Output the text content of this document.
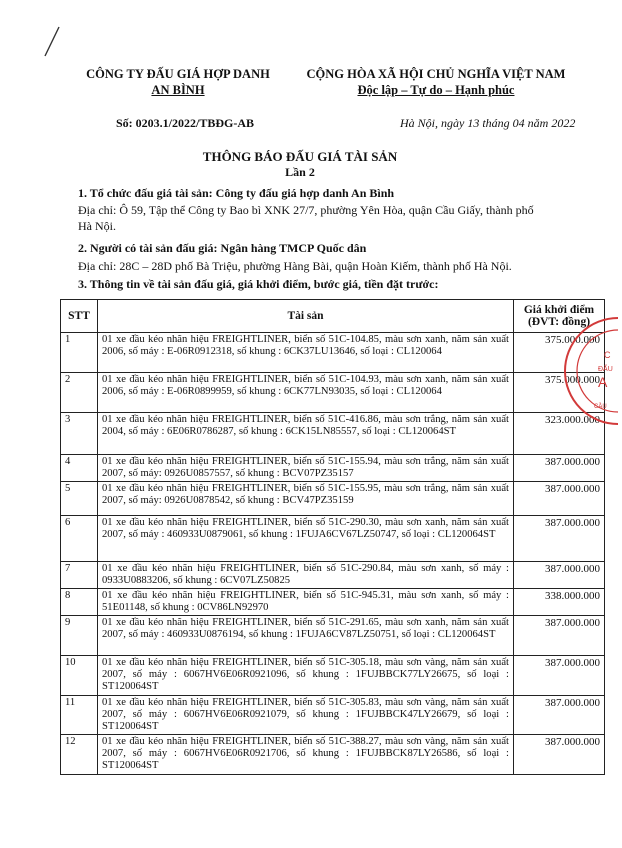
CÔNG TY ĐẤU GIÁ HỢP DANH
AN BÌNH
CỘNG HÒA XÃ HỘI CHỦ NGHĨA VIỆT NAM
Độc lập – Tự do – Hạnh phúc
Số: 0203.1/2022/TBĐG-AB	Hà Nội, ngày 13 tháng 04 năm 2022
THÔNG BÁO ĐẤU GIÁ TÀI SẢN
Lần 2
1. Tổ chức đấu giá tài sản: Công ty đấu giá hợp danh An Bình
Địa chỉ: Ô 59, Tập thể Công ty Bao bì XNK 27/7, phường Yên Hòa, quận Cầu Giấy, thành phố
Hà Nội.
2. Người có tài sản đấu giá: Ngân hàng TMCP Quốc dân
Địa chỉ: 28C – 28D phố Bà Triệu, phường Hàng Bài, quận Hoàn Kiếm, thành phố Hà Nội.
3. Thông tin về tài sản đấu giá, giá khởi điểm, bước giá, tiền đặt trước:
STT	Tài sản	Giá khởi điểm
(ĐVT: đồng)

1	01 xe đầu kéo nhãn hiệu FREIGHTLINER, biển số 51C-104.85, màu sơn xanh, năm sản xuất 2006, số máy : E-06R0912318, số khung : 6CK37LU13646, số loại : CL120064	375.000.000
2	01 xe đầu kéo nhãn hiệu FREIGHTLINER, biển số 51C-104.93, màu sơn xanh, năm sản xuất 2006, số máy : E-06R0899959, số khung : 6CK77LN93035, số loại : CL120064	375.000.000
3	01 xe đầu kéo nhãn hiệu FREIGHTLINER, biển số 51C-416.86, màu sơn trắng, năm sản xuất 2004, số máy : 6E06R0786287, số khung : 6CK15LN85557, số loại : CL120064ST	323.000.000
4	01 xe đầu kéo nhãn hiệu FREIGHTLINER, biển số 51C-155.94, màu sơn trắng, năm sản xuất 2007, số máy: 0926U0857557, số khung : BCV07PZ35157	387.000.000
5	01 xe đầu kéo nhãn hiệu FREIGHTLINER, biển số 51C-155.95, màu sơn trắng, năm sản xuất 2007, số máy: 0926U0878542, số khung : BCV47PZ35159	387.000.000
6	01 xe đầu kéo nhãn hiệu FREIGHTLINER, biển số 51C-290.30, màu sơn xanh, năm sản xuất 2007, số máy : 460933U0879061, số khung : 1FUJA6CV67LZ50747, số loại : CL120064ST	387.000.000
7	01 xe đầu kéo nhãn hiệu FREIGHTLINER, biển số 51C-290.84, màu sơn xanh, số máy : 0933U0883206, số khung : 6CV07LZ50825	387.000.000
8	01 xe đầu kéo nhãn hiệu FREIGHTLINER, biển số 51C-945.31, màu sơn xanh, số máy : 51E01148, số khung : 0CV86LN92970	338.000.000
9	01 xe đầu kéo nhãn hiệu FREIGHTLINER, biển số 51C-291.65, màu sơn xanh, năm sản xuất 2007, số máy : 460933U0876194, số khung : 1FUJA6CV87LZ50751, số loại : CL120064ST	387.000.000
10	01 xe đầu kéo nhãn hiệu FREIGHTLINER, biển số 51C-305.18, màu sơn vàng, năm sản xuất 2007, số máy : 6067HV6E06R0921096, số khung : 1FUJBBCK77LY26675, số loại : ST120064ST	387.000.000
11	01 xe đầu kéo nhãn hiệu FREIGHTLINER, biển số 51C-305.83, màu sơn vàng, năm sản xuất 2007, số máy : 6067HV6E06R0921079, số khung : 1FUJBBCK47LY26679, số loại : ST120064ST	387.000.000
12	01 xe đầu kéo nhãn hiệu FREIGHTLINER, biển số 51C-388.27, màu sơn vàng, năm sản xuất 2007, số máy : 6067HV6E06R0921706, số khung : 1FUJBBCK87LY26586, số loại : ST120064ST	387.000.000
C
ĐẤU
A
CẦU
